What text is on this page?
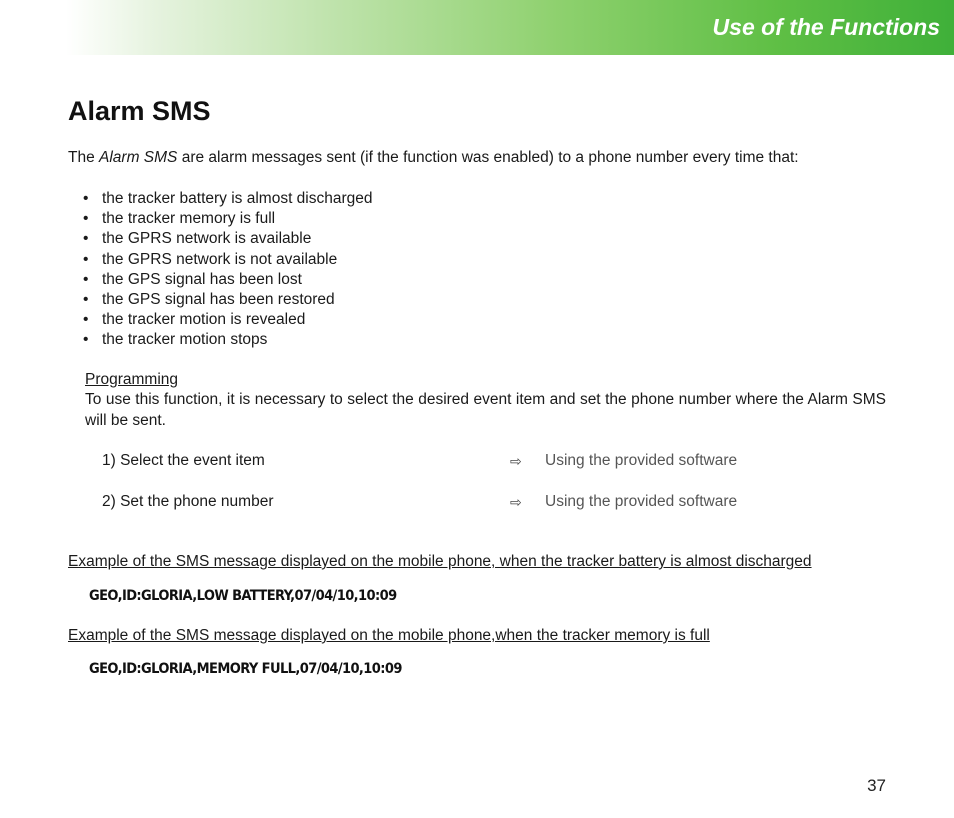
Use of the Functions
Alarm SMS
The Alarm SMS are alarm messages sent (if the function was enabled) to a phone number every time that:
• the tracker battery is almost discharged
• the tracker memory is full
• the GPRS network is available
• the GPRS network is not available
• the GPS signal has been lost
• the GPS signal has been restored
• the tracker motion is revealed
• the tracker motion stops
Programming
To use this function, it is necessary to select the desired event item and set the phone number where the Alarm SMS will be sent.
1) Select the event item	⇨ Using the provided software
2) Set the phone number	⇨ Using the provided software
Example of the SMS message displayed on the mobile phone, when the tracker battery is almost discharged
GEO,ID:GLORIA,LOW BATTERY,07/04/10,10:09
Example of the SMS message displayed on the mobile phone,when the tracker memory is full
GEO,ID:GLORIA,MEMORY FULL,07/04/10,10:09
37
